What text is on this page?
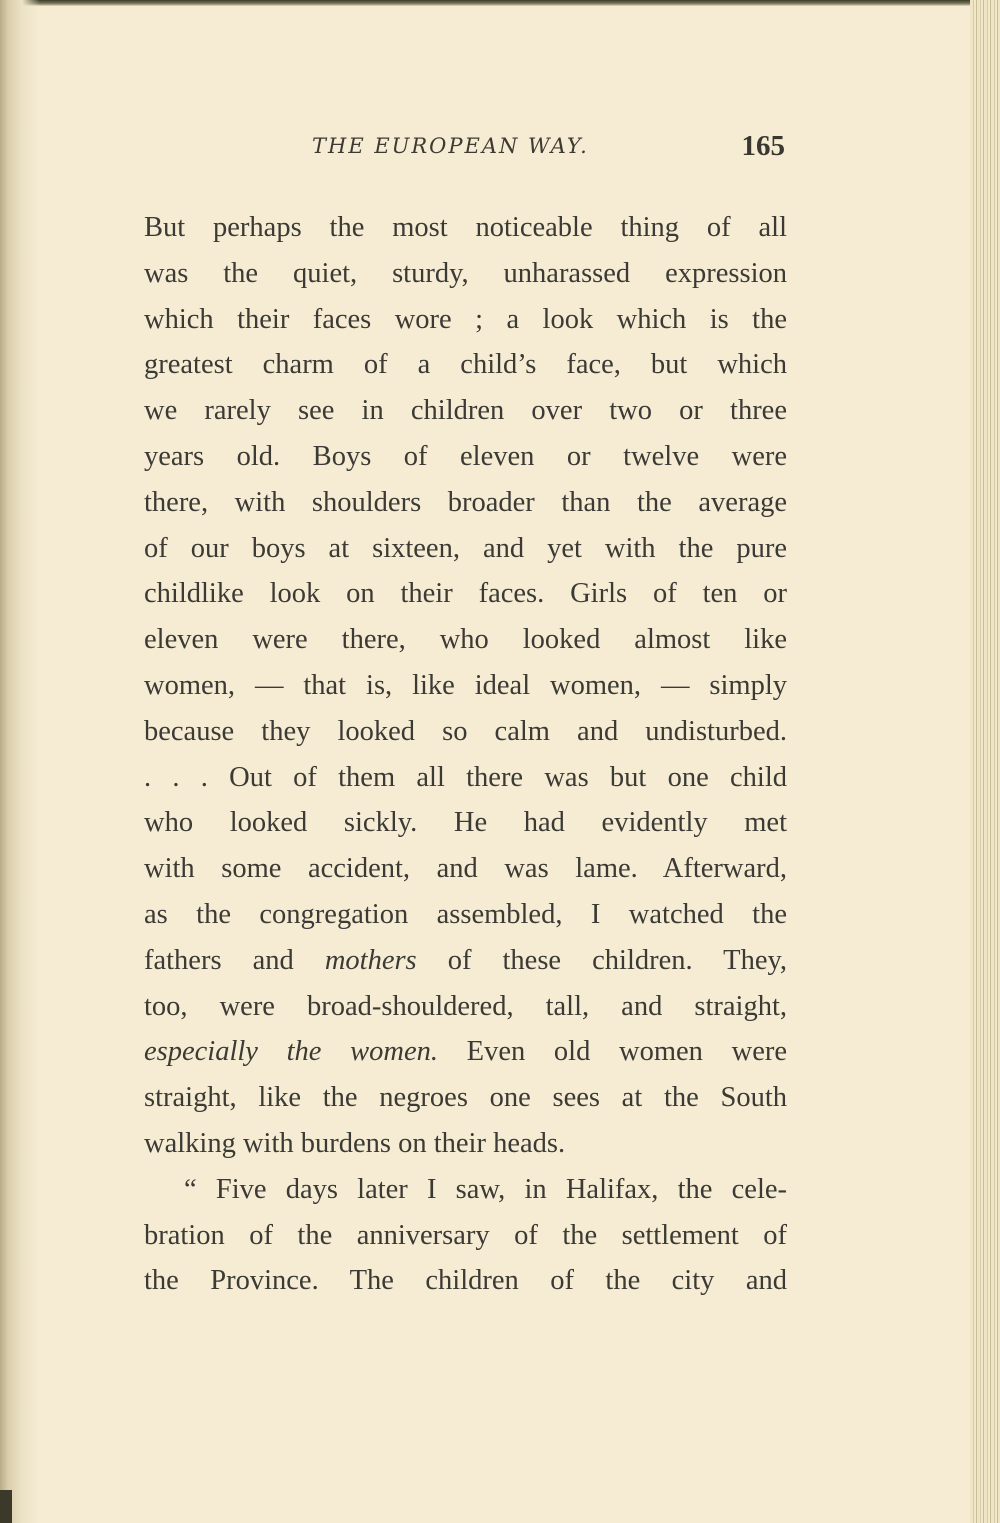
THE EUROPEAN WAY.	165
But perhaps the most noticeable thing of all
was the quiet, sturdy, unharassed expression
which their faces wore ; a look which is the
greatest charm of a child’s face, but which
we rarely see in children over two or three
years old. Boys of eleven or twelve were
there, with shoulders broader than the average
of our boys at sixteen, and yet with the pure
childlike look on their faces. Girls of ten or
eleven were there, who looked almost like
women, — that is, like ideal women, — simply
because they looked so calm and undisturbed.
. . . Out of them all there was but one child
who looked sickly. He had evidently met
with some accident, and was lame. Afterward,
as the congregation assembled, I watched the
fathers and mothers of these children. They,
too, were broad-shouldered, tall, and straight,
especially the women. Even old women were
straight, like the negroes one sees at the South
walking with burdens on their heads.
“ Five days later I saw, in Halifax, the cele-
bration of the anniversary of the settlement of
the Province. The children of the city and
